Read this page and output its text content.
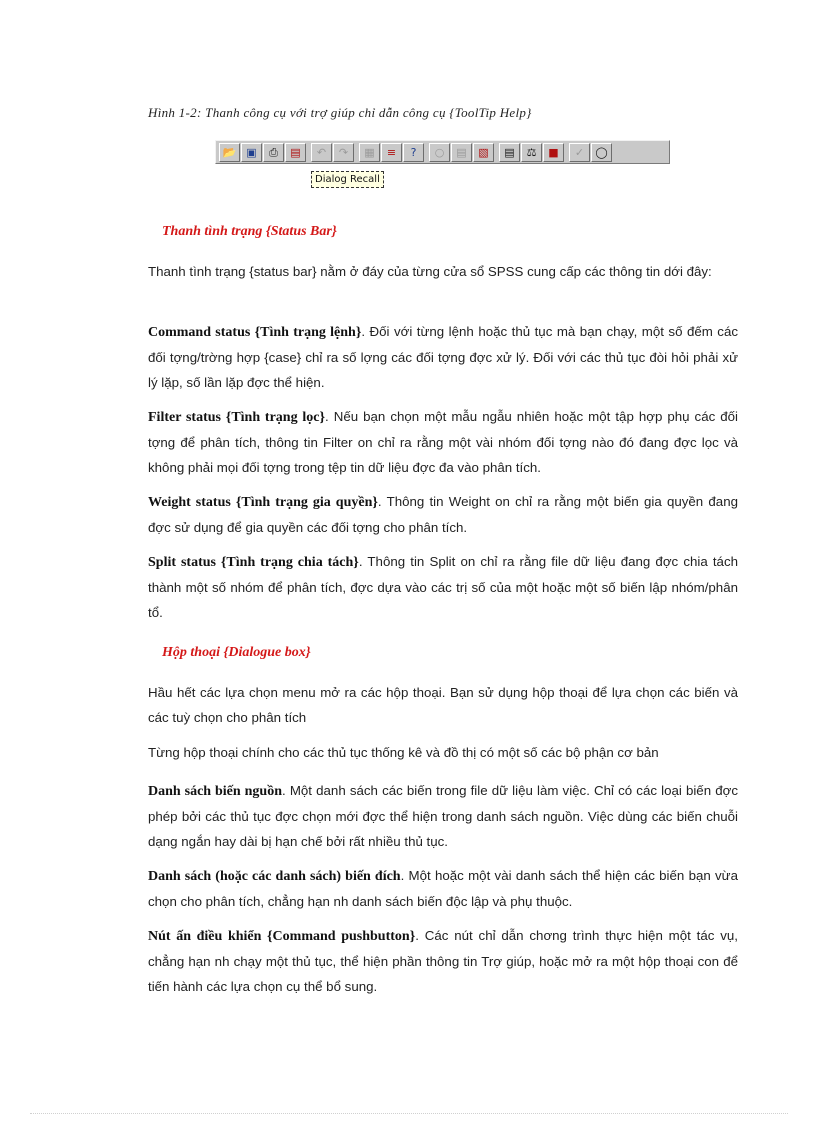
Hình 1-2: Thanh công cụ với trợ giúp chỉ dẫn công cụ {ToolTip Help}
📂 ▣ ⎙ ▤ ↶ ↷ ▦ ≡ ? ○ ▤ ▧ ▤ ⚖ ■ ✓ ◯
Dialog Recall
Thanh tình trạng {Status Bar}
Thanh tình trạng {status bar} nằm ở đáy của từng cửa sổ SPSS cung cấp các thông tin dới đây:
Command status {Tình trạng lệnh}. Đối với từng lệnh hoặc thủ tục mà bạn chạy, một số đếm các đối tợng/trờng hợp {case} chỉ ra số lợng các đối tợng đợc xử lý. Đối với các thủ tục đòi hỏi phải xử lý lặp, số lần lặp đợc thể hiện.
Filter status {Tình trạng lọc}. Nếu bạn chọn một mẫu ngẫu nhiên hoặc một tập hợp phụ các đối tợng để phân tích, thông tin Filter on chỉ ra rằng một vài nhóm đối tợng nào đó đang đợc lọc và không phải mọi đối tợng trong tệp tin dữ liệu đợc đa vào phân tích.
Weight status {Tình trạng gia quyền}. Thông tin Weight on chỉ ra rằng một biến gia quyền đang đợc sử dụng để gia quyền các đối tợng cho phân tích.
Split status {Tình trạng chia tách}. Thông tin Split on chỉ ra rằng file dữ liệu đang đợc chia tách thành một số nhóm để phân tích, đợc dựa vào các trị số của một hoặc một số biến lập nhóm/phân tổ.
Hộp thoại {Dialogue box}
Hầu hết các lựa chọn menu mở ra các hộp thoại. Bạn sử dụng hộp thoại để lựa chọn các biến và các tuỳ chọn cho phân tích
Từng hộp thoại chính cho các thủ tục thống kê và đồ thị có một số các bộ phận cơ bản
Danh sách biến nguồn. Một danh sách các biến trong file dữ liệu làm việc. Chỉ có các loại biến đợc phép bởi các thủ tục đợc chọn mới đợc thể hiện trong danh sách nguồn. Việc dùng các biến chuỗi dạng ngắn hay dài bị hạn chế bởi rất nhiều thủ tục.
Danh sách (hoặc các danh sách) biến đích. Một hoặc một vài danh sách thể hiện các biến bạn vừa chọn cho phân tích, chẳng hạn nh danh sách biến độc lập và phụ thuộc.
Nút ấn điều khiển {Command pushbutton}. Các nút chỉ dẫn chơng trình thực hiện một tác vụ, chẳng hạn nh chạy một thủ tục, thể hiện phần thông tin Trợ giúp, hoặc mở ra một hộp thoại con để tiến hành các lựa chọn cụ thể bổ sung.
